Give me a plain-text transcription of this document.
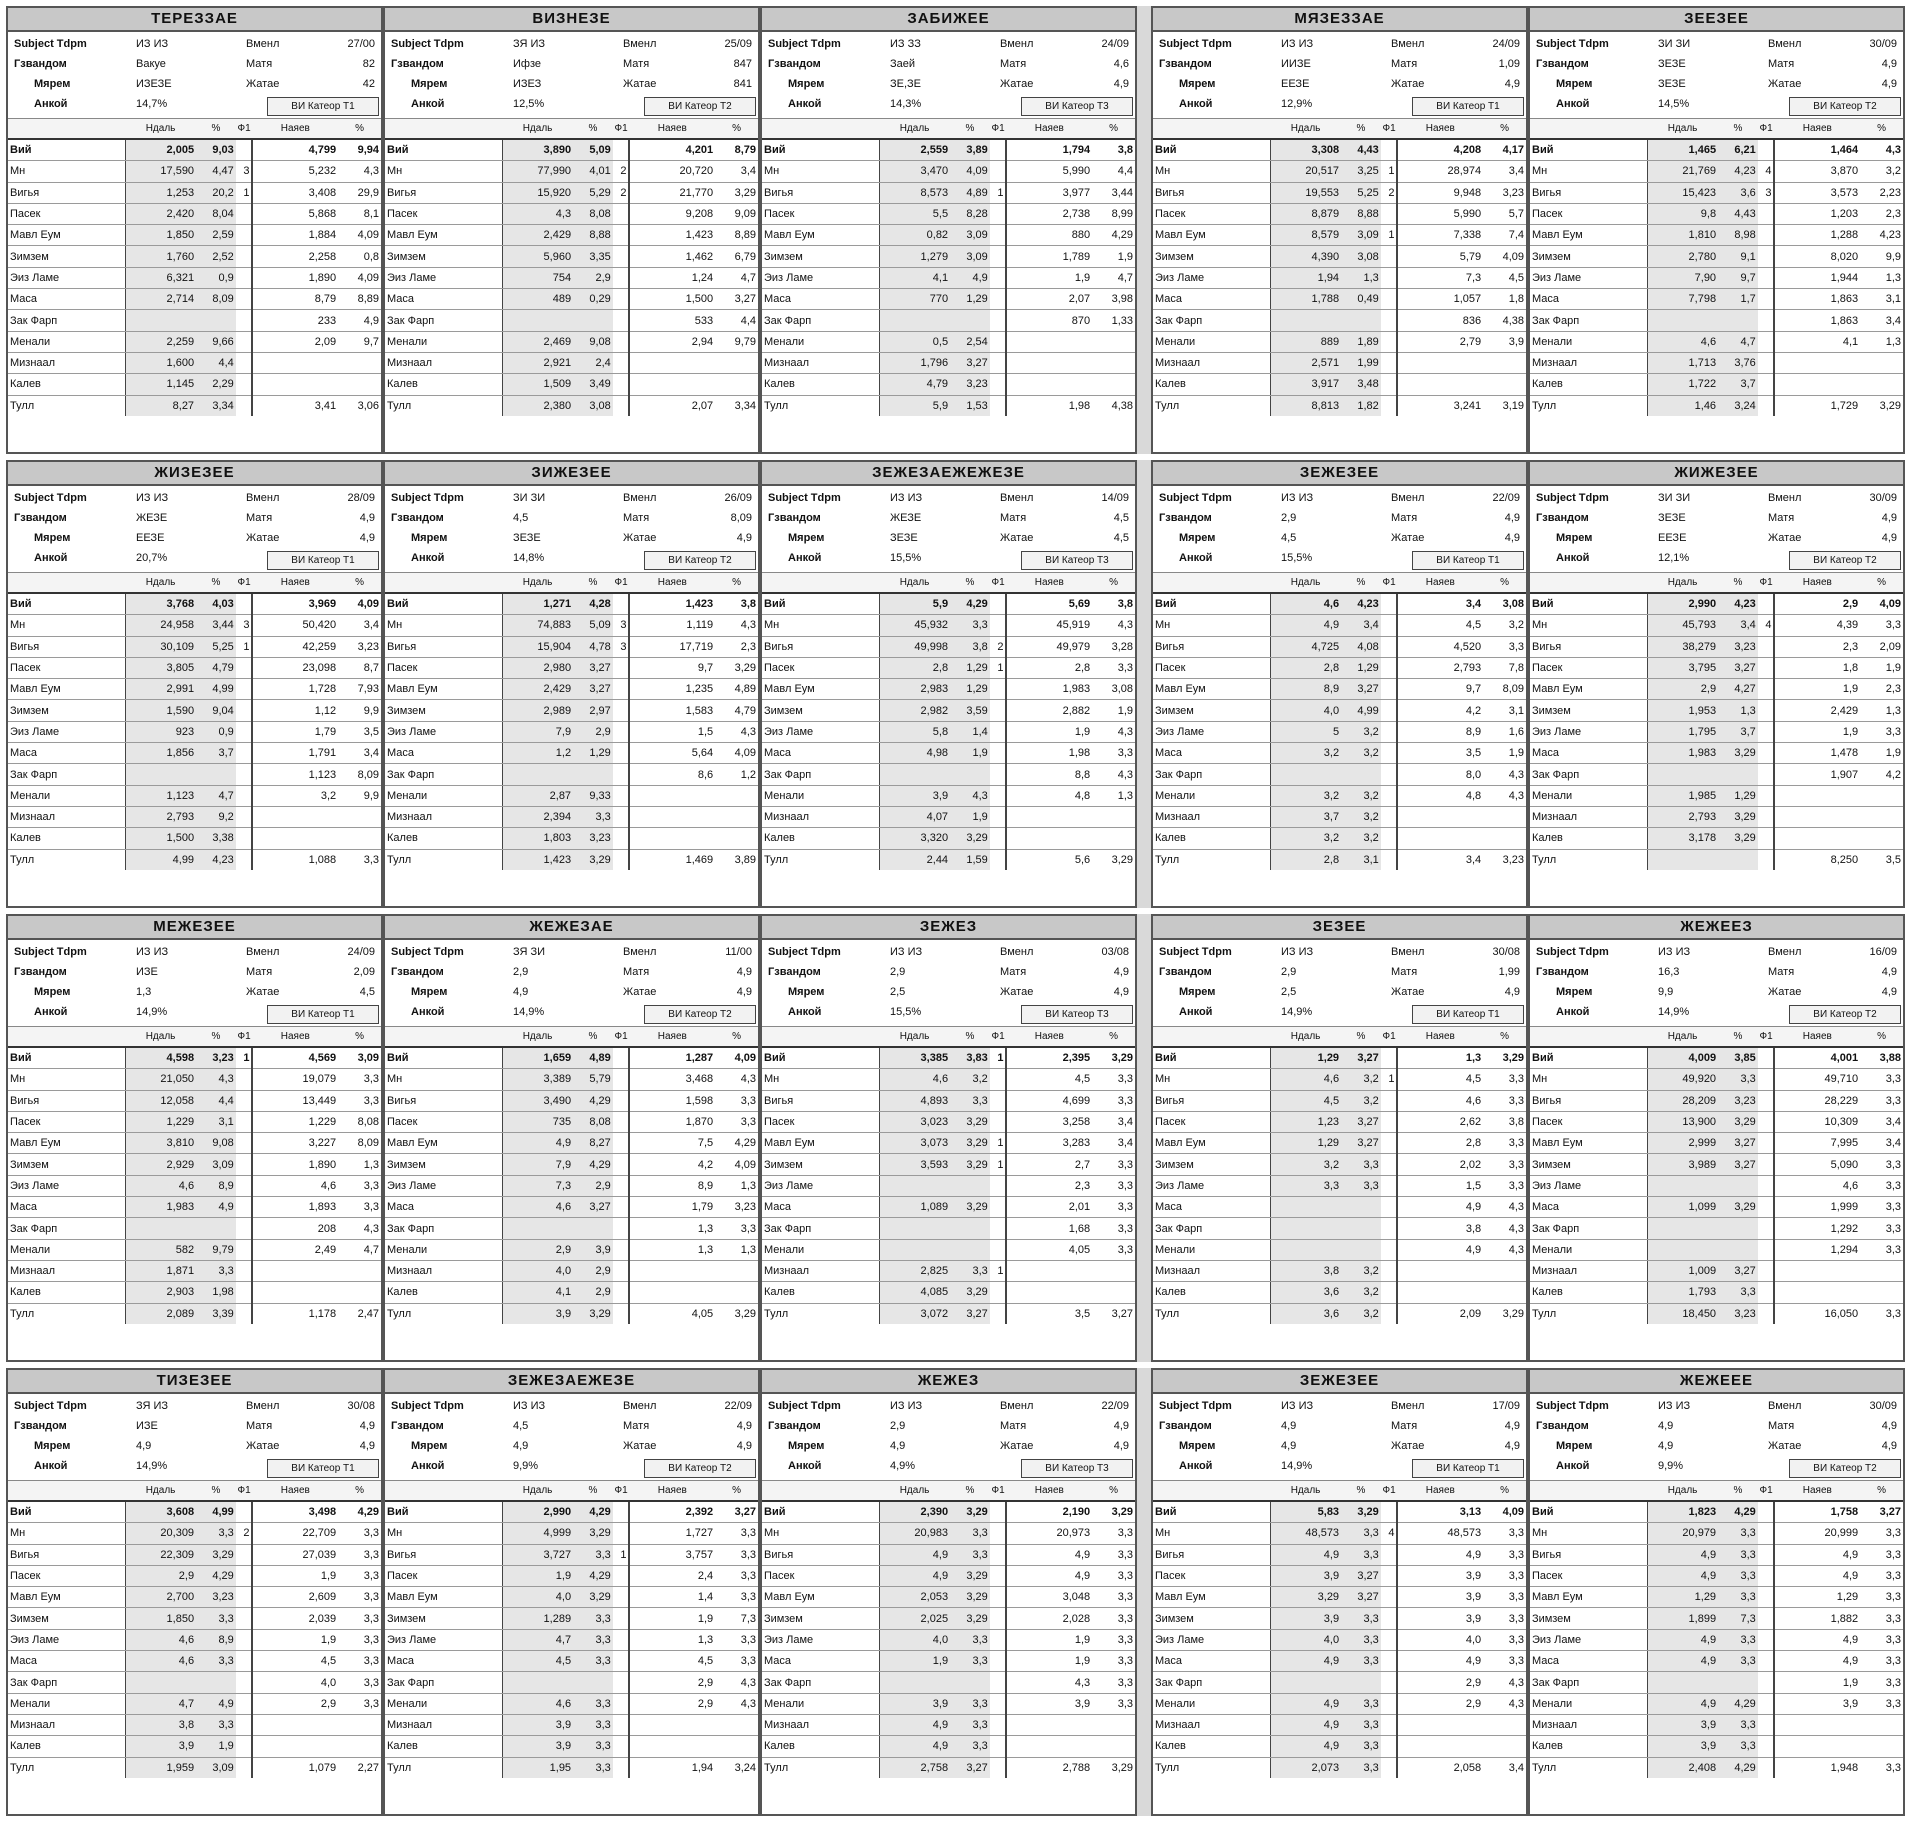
ТЕРЕЗЗАЕ
Subject Tdpm	ИЗ ИЗ	Вменл	27/00
Гзвандом	Вакуе	Матя	82
Мярем	ИЗЕЗЕ	Жатае	42
Анкой	14,7%	ВИ Катеор Т1
	Ндаль	%	Ф1	Наяев	%
Вий	2,005	9,03		4,799	9,94
Мн	17,590	4,47	3	5,232	4,3
Вигья	1,253	20,2	1	3,408	29,9
Пасек	2,420	8,04		5,868	8,1
Мавл Еум	1,850	2,59		1,884	4,09
Зимзем	1,760	2,52		2,258	0,8
Эиз Ламе	6,321	0,9		1,890	4,09
Маса	2,714	8,09		8,79	8,89
Зак Фарп				233	4,9
Менали	2,259	9,66		2,09	9,7
Мизнаал	1,600	4,4			
Калев	1,145	2,29			
Тулл	8,27	3,34		3,41	3,06
ВИЗНЕЗЕ
Subject Tdpm	ЗЯ ИЗ	Вменл	25/09
Гзвандом	Ифзе	Матя	847
Мярем	ИЗЕЗ	Жатае	841
Анкой	12,5%	ВИ Катеор Т2
	Ндаль	%	Ф1	Наяев	%
Вий	3,890	5,09		4,201	8,79
Мн	77,990	4,01	2	20,720	3,4
Вигья	15,920	5,29	2	21,770	3,29
Пасек	4,3	8,08		9,208	9,09
Мавл Еум	2,429	8,88		1,423	8,89
Зимзем	5,960	3,35		1,462	6,79
Эиз Ламе	754	2,9		1,24	4,7
Маса	489	0,29		1,500	3,27
Зак Фарп				533	4,4
Менали	2,469	9,08		2,94	9,79
Мизнаал	2,921	2,4			
Калев	1,509	3,49			
Тулл	2,380	3,08		2,07	3,34
ЗАБИЖЕЕ
Subject Tdpm	ИЗ ЗЗ	Вменл	24/09
Гзвандом	Заей	Матя	4,6
Мярем	ЗЕ,ЗЕ	Жатае	4,9
Анкой	14,3%	ВИ Катеор Т3
	Ндаль	%	Ф1	Наяев	%
Вий	2,559	3,89		1,794	3,8
Мн	3,470	4,09		5,990	4,4
Вигья	8,573	4,89	1	3,977	3,44
Пасек	5,5	8,28		2,738	8,99
Мавл Еум	0,82	3,09		880	4,29
Зимзем	1,279	3,09		1,789	1,9
Эиз Ламе	4,1	4,9		1,9	4,7
Маса	770	1,29		2,07	3,98
Зак Фарп				870	1,33
Менали	0,5	2,54			
Мизнаал	1,796	3,27			
Калев	4,79	3,23			
Тулл	5,9	1,53		1,98	4,38
МЯЗЕЗЗАЕ
Subject Tdpm	ИЗ ИЗ	Вменл	24/09
Гзвандом	ИИЗЕ	Матя	1,09
Мярем	ЕЕЗЕ	Жатае	4,9
Анкой	12,9%	ВИ Катеор Т1
	Ндаль	%	Ф1	Наяев	%
Вий	3,308	4,43		4,208	4,17
Мн	20,517	3,25	1	28,974	3,4
Вигья	19,553	5,25	2	9,948	3,23
Пасек	8,879	8,88		5,990	5,7
Мавл Еум	8,579	3,09	1	7,338	7,4
Зимзем	4,390	3,08		5,79	4,09
Эиз Ламе	1,94	1,3		7,3	4,5
Маса	1,788	0,49		1,057	1,8
Зак Фарп				836	4,38
Менали	889	1,89		2,79	3,9
Мизнаал	2,571	1,99			
Калев	3,917	3,48			
Тулл	8,813	1,82		3,241	3,19
ЗЕЕЗЕЕ
Subject Tdpm	ЗИ ЗИ	Вменл	30/09
Гзвандом	ЗЕЗЕ	Матя	4,9
Мярем	ЗЕЗЕ	Жатае	4,9
Анкой	14,5%	ВИ Катеор Т2
	Ндаль	%	Ф1	Наяев	%
Вий	1,465	6,21		1,464	4,3
Мн	21,769	4,23	4	3,870	3,2
Вигья	15,423	3,6	3	3,573	2,23
Пасек	9,8	4,43		1,203	2,3
Мавл Еум	1,810	8,98		1,288	4,23
Зимзем	2,780	9,1		8,020	9,9
Эиз Ламе	7,90	9,7		1,944	1,3
Маса	7,798	1,7		1,863	3,1
Зак Фарп				1,863	3,4
Менали	4,6	4,7		4,1	1,3
Мизнаал	1,713	3,76			
Калев	1,722	3,7			
Тулл	1,46	3,24		1,729	3,29
ЖИЗЕЗЕЕ
Subject Tdpm	ИЗ ИЗ	Вменл	28/09
Гзвандом	ЖЕЗЕ	Матя	4,9
Мярем	ЕЕЗЕ	Жатае	4,9
Анкой	20,7%	ВИ Катеор Т1
	Ндаль	%	Ф1	Наяев	%
Вий	3,768	4,03		3,969	4,09
Мн	24,958	3,44	3	50,420	3,4
Вигья	30,109	5,25	1	42,259	3,23
Пасек	3,805	4,79		23,098	8,7
Мавл Еум	2,991	4,99		1,728	7,93
Зимзем	1,590	9,04		1,12	9,9
Эиз Ламе	923	0,9		1,79	3,5
Маса	1,856	3,7		1,791	3,4
Зак Фарп				1,123	8,09
Менали	1,123	4,7		3,2	9,9
Мизнаал	2,793	9,2			
Калев	1,500	3,38			
Тулл	4,99	4,23		1,088	3,3
ЗИЖЕЗЕЕ
Subject Tdpm	ЗИ ЗИ	Вменл	26/09
Гзвандом	4,5	Матя	8,09
Мярем	ЗЕЗЕ	Жатае	4,9
Анкой	14,8%	ВИ Катеор Т2
	Ндаль	%	Ф1	Наяев	%
Вий	1,271	4,28		1,423	3,8
Мн	74,883	5,09	3	1,119	4,3
Вигья	15,904	4,78	3	17,719	2,3
Пасек	2,980	3,27		9,7	3,29
Мавл Еум	2,429	3,27		1,235	4,89
Зимзем	2,989	2,97		1,583	4,79
Эиз Ламе	7,9	2,9		1,5	4,3
Маса	1,2	1,29		5,64	4,09
Зак Фарп				8,6	1,2
Менали	2,87	9,33			
Мизнаал	2,394	3,3			
Калев	1,803	3,23			
Тулл	1,423	3,29		1,469	3,89
ЗЕЖЕЗАЕЖЕЖЕЗЕ
Subject Tdpm	ИЗ ИЗ	Вменл	14/09
Гзвандом	ЖЕЗЕ	Матя	4,5
Мярем	ЗЕЗЕ	Жатае	4,5
Анкой	15,5%	ВИ Катеор Т3
	Ндаль	%	Ф1	Наяев	%
Вий	5,9	4,29		5,69	3,8
Мн	45,932	3,3		45,919	4,3
Вигья	49,998	3,8	2	49,979	3,28
Пасек	2,8	1,29	1	2,8	3,3
Мавл Еум	2,983	1,29		1,983	3,08
Зимзем	2,982	3,59		2,882	1,9
Эиз Ламе	5,8	1,4		1,9	4,3
Маса	4,98	1,9		1,98	3,3
Зак Фарп				8,8	4,3
Менали	3,9	4,3		4,8	1,3
Мизнаал	4,07	1,9			
Калев	3,320	3,29			
Тулл	2,44	1,59		5,6	3,29
ЗЕЖЕЗЕЕ
Subject Tdpm	ИЗ ИЗ	Вменл	22/09
Гзвандом	2,9	Матя	4,9
Мярем	4,5	Жатае	4,9
Анкой	15,5%	ВИ Катеор Т1
	Ндаль	%	Ф1	Наяев	%
Вий	4,6	4,23		3,4	3,08
Мн	4,9	3,4		4,5	3,2
Вигья	4,725	4,08		4,520	3,3
Пасек	2,8	1,29		2,793	7,8
Мавл Еум	8,9	3,27		9,7	8,09
Зимзем	4,0	4,99		4,2	3,1
Эиз Ламе	5	3,2		8,9	1,6
Маса	3,2	3,2		3,5	1,9
Зак Фарп				8,0	4,3
Менали	3,2	3,2		4,8	4,3
Мизнаал	3,7	3,2			
Калев	3,2	3,2			
Тулл	2,8	3,1		3,4	3,23
ЖИЖЕЗЕЕ
Subject Tdpm	ЗИ ЗИ	Вменл	30/09
Гзвандом	ЗЕЗЕ	Матя	4,9
Мярем	ЕЕЗЕ	Жатае	4,9
Анкой	12,1%	ВИ Катеор Т2
	Ндаль	%	Ф1	Наяев	%
Вий	2,990	4,23		2,9	4,09
Мн	45,793	3,4	4	4,39	3,3
Вигья	38,279	3,23		2,3	2,09
Пасек	3,795	3,27		1,8	1,9
Мавл Еум	2,9	4,27		1,9	2,3
Зимзем	1,953	1,3		2,429	1,3
Эиз Ламе	1,795	3,7		1,9	3,3
Маса	1,983	3,29		1,478	1,9
Зак Фарп				1,907	4,2
Менали	1,985	1,29			
Мизнаал	2,793	3,29			
Калев	3,178	3,29			
Тулл				8,250	3,5
МЕЖЕЗЕЕ
Subject Tdpm	ИЗ ИЗ	Вменл	24/09
Гзвандом	ИЗЕ	Матя	2,09
Мярем	1,3	Жатае	4,5
Анкой	14,9%	ВИ Катеор Т1
	Ндаль	%	Ф1	Наяев	%
Вий	4,598	3,23	1	4,569	3,09
Мн	21,050	4,3		19,079	3,3
Вигья	12,058	4,4		13,449	3,3
Пасек	1,229	3,1		1,229	8,08
Мавл Еум	3,810	9,08		3,227	8,09
Зимзем	2,929	3,09		1,890	1,3
Эиз Ламе	4,6	8,9		4,6	3,3
Маса	1,983	4,9		1,893	3,3
Зак Фарп				208	4,3
Менали	582	9,79		2,49	4,7
Мизнаал	1,871	3,3			
Калев	2,903	1,98			
Тулл	2,089	3,39		1,178	2,47
ЖЕЖЕЗАЕ
Subject Tdpm	ЗЯ ЗИ	Вменл	11/00
Гзвандом	2,9	Матя	4,9
Мярем	4,9	Жатае	4,9
Анкой	14,9%	ВИ Катеор Т2
	Ндаль	%	Ф1	Наяев	%
Вий	1,659	4,89		1,287	4,09
Мн	3,389	5,79		3,468	4,3
Вигья	3,490	4,29		1,598	3,3
Пасек	735	8,08		1,870	3,3
Мавл Еум	4,9	8,27		7,5	4,29
Зимзем	7,9	4,29		4,2	4,09
Эиз Ламе	7,3	2,9		8,9	1,3
Маса	4,6	3,27		1,79	3,23
Зак Фарп				1,3	3,3
Менали	2,9	3,9		1,3	1,3
Мизнаал	4,0	2,9			
Калев	4,1	2,9			
Тулл	3,9	3,29		4,05	3,29
ЗЕЖЕЗ
Subject Tdpm	ИЗ ИЗ	Вменл	03/08
Гзвандом	2,9	Матя	4,9
Мярем	2,5	Жатае	4,9
Анкой	15,5%	ВИ Катеор Т3
	Ндаль	%	Ф1	Наяев	%
Вий	3,385	3,83	1	2,395	3,29
Мн	4,6	3,2		4,5	3,3
Вигья	4,893	3,3		4,699	3,3
Пасек	3,023	3,29		3,258	3,4
Мавл Еум	3,073	3,29	1	3,283	3,4
Зимзем	3,593	3,29	1	2,7	3,3
Эиз Ламе				2,3	3,3
Маса	1,089	3,29		2,01	3,3
Зак Фарп				1,68	3,3
Менали				4,05	3,3
Мизнаал	2,825	3,3	1		
Калев	4,085	3,29			
Тулл	3,072	3,27		3,5	3,27
ЗЕЗЕЕ
Subject Tdpm	ИЗ ИЗ	Вменл	30/08
Гзвандом	2,9	Матя	1,99
Мярем	2,5	Жатае	4,9
Анкой	14,9%	ВИ Катеор Т1
	Ндаль	%	Ф1	Наяев	%
Вий	1,29	3,27		1,3	3,29
Мн	4,6	3,2	1	4,5	3,3
Вигья	4,5	3,2		4,6	3,3
Пасек	1,23	3,27		2,62	3,8
Мавл Еум	1,29	3,27		2,8	3,3
Зимзем	3,2	3,3		2,02	3,3
Эиз Ламе	3,3	3,3		1,5	3,3
Маса				4,9	4,3
Зак Фарп				3,8	4,3
Менали				4,9	4,3
Мизнаал	3,8	3,2			
Калев	3,6	3,2			
Тулл	3,6	3,2		2,09	3,29
ЖЕЖЕЕЗ
Subject Tdpm	ИЗ ИЗ	Вменл	16/09
Гзвандом	16,3	Матя	4,9
Мярем	9,9	Жатае	4,9
Анкой	14,9%	ВИ Катеор Т2
	Ндаль	%	Ф1	Наяев	%
Вий	4,009	3,85		4,001	3,88
Мн	49,920	3,3		49,710	3,3
Вигья	28,209	3,23		28,229	3,3
Пасек	13,900	3,29		10,309	3,4
Мавл Еум	2,999	3,27		7,995	3,4
Зимзем	3,989	3,27		5,090	3,3
Эиз Ламе				4,6	3,3
Маса	1,099	3,29		1,999	3,3
Зак Фарп				1,292	3,3
Менали				1,294	3,3
Мизнаал	1,009	3,27			
Калев	1,793	3,3			
Тулл	18,450	3,23		16,050	3,3
ТИЗЕЗЕЕ
Subject Tdpm	ЗЯ ИЗ	Вменл	30/08
Гзвандом	ИЗЕ	Матя	4,9
Мярем	4,9	Жатае	4,9
Анкой	14,9%	ВИ Катеор Т1
	Ндаль	%	Ф1	Наяев	%
Вий	3,608	4,99		3,498	4,29
Мн	20,309	3,3	2	22,709	3,3
Вигья	22,309	3,29		27,039	3,3
Пасек	2,9	4,29		1,9	3,3
Мавл Еум	2,700	3,23		2,609	3,3
Зимзем	1,850	3,3		2,039	3,3
Эиз Ламе	4,6	8,9		1,9	3,3
Маса	4,6	3,3		4,5	3,3
Зак Фарп				4,0	3,3
Менали	4,7	4,9		2,9	3,3
Мизнаал	3,8	3,3			
Калев	3,9	1,9			
Тулл	1,959	3,09		1,079	2,27
ЗЕЖЕЗАЕЖЕЗЕ
Subject Tdpm	ИЗ ИЗ	Вменл	22/09
Гзвандом	4,5	Матя	4,9
Мярем	4,9	Жатае	4,9
Анкой	9,9%	ВИ Катеор Т2
	Ндаль	%	Ф1	Наяев	%
Вий	2,990	4,29		2,392	3,27
Мн	4,999	3,29		1,727	3,3
Вигья	3,727	3,3	1	3,757	3,3
Пасек	1,9	4,29		2,4	3,3
Мавл Еум	4,0	3,29		1,4	3,3
Зимзем	1,289	3,3		1,9	7,3
Эиз Ламе	4,7	3,3		1,3	3,3
Маса	4,5	3,3		4,5	3,3
Зак Фарп				2,9	4,3
Менали	4,6	3,3		2,9	4,3
Мизнаал	3,9	3,3			
Калев	3,9	3,3			
Тулл	1,95	3,3		1,94	3,24
ЖЕЖЕЗ
Subject Tdpm	ИЗ ИЗ	Вменл	22/09
Гзвандом	2,9	Матя	4,9
Мярем	4,9	Жатае	4,9
Анкой	4,9%	ВИ Катеор Т3
	Ндаль	%	Ф1	Наяев	%
Вий	2,390	3,29		2,190	3,29
Мн	20,983	3,3		20,973	3,3
Вигья	4,9	3,3		4,9	3,3
Пасек	4,9	3,29		4,9	3,3
Мавл Еум	2,053	3,29		3,048	3,3
Зимзем	2,025	3,29		2,028	3,3
Эиз Ламе	4,0	3,3		1,9	3,3
Маса	1,9	3,3		1,9	3,3
Зак Фарп				4,3	3,3
Менали	3,9	3,3		3,9	3,3
Мизнаал	4,9	3,3			
Калев	4,9	3,3			
Тулл	2,758	3,27		2,788	3,29
ЗЕЖЕЗЕЕ
Subject Tdpm	ИЗ ИЗ	Вменл	17/09
Гзвандом	4,9	Матя	4,9
Мярем	4,9	Жатае	4,9
Анкой	14,9%	ВИ Катеор Т1
	Ндаль	%	Ф1	Наяев	%
Вий	5,83	3,29		3,13	4,09
Мн	48,573	3,3	4	48,573	3,3
Вигья	4,9	3,3		4,9	3,3
Пасек	3,9	3,27		3,9	3,3
Мавл Еум	3,29	3,27		3,9	3,3
Зимзем	3,9	3,3		3,9	3,3
Эиз Ламе	4,0	3,3		4,0	3,3
Маса	4,9	3,3		4,9	3,3
Зак Фарп				2,9	4,3
Менали	4,9	3,3		2,9	4,3
Мизнаал	4,9	3,3			
Калев	4,9	3,3			
Тулл	2,073	3,3		2,058	3,4
ЖЕЖЕЕЕ
Subject Tdpm	ИЗ ИЗ	Вменл	30/09
Гзвандом	4,9	Матя	4,9
Мярем	4,9	Жатае	4,9
Анкой	9,9%	ВИ Катеор Т2
	Ндаль	%	Ф1	Наяев	%
Вий	1,823	4,29		1,758	3,27
Мн	20,979	3,3		20,999	3,3
Вигья	4,9	3,3		4,9	3,3
Пасек	4,9	3,3		4,9	3,3
Мавл Еум	1,29	3,3		1,29	3,3
Зимзем	1,899	7,3		1,882	3,3
Эиз Ламе	4,9	3,3		4,9	3,3
Маса	4,9	3,3		4,9	3,3
Зак Фарп				1,9	3,3
Менали	4,9	4,29		3,9	3,3
Мизнаал	3,9	3,3			
Калев	3,9	3,3			
Тулл	2,408	4,29		1,948	3,3
